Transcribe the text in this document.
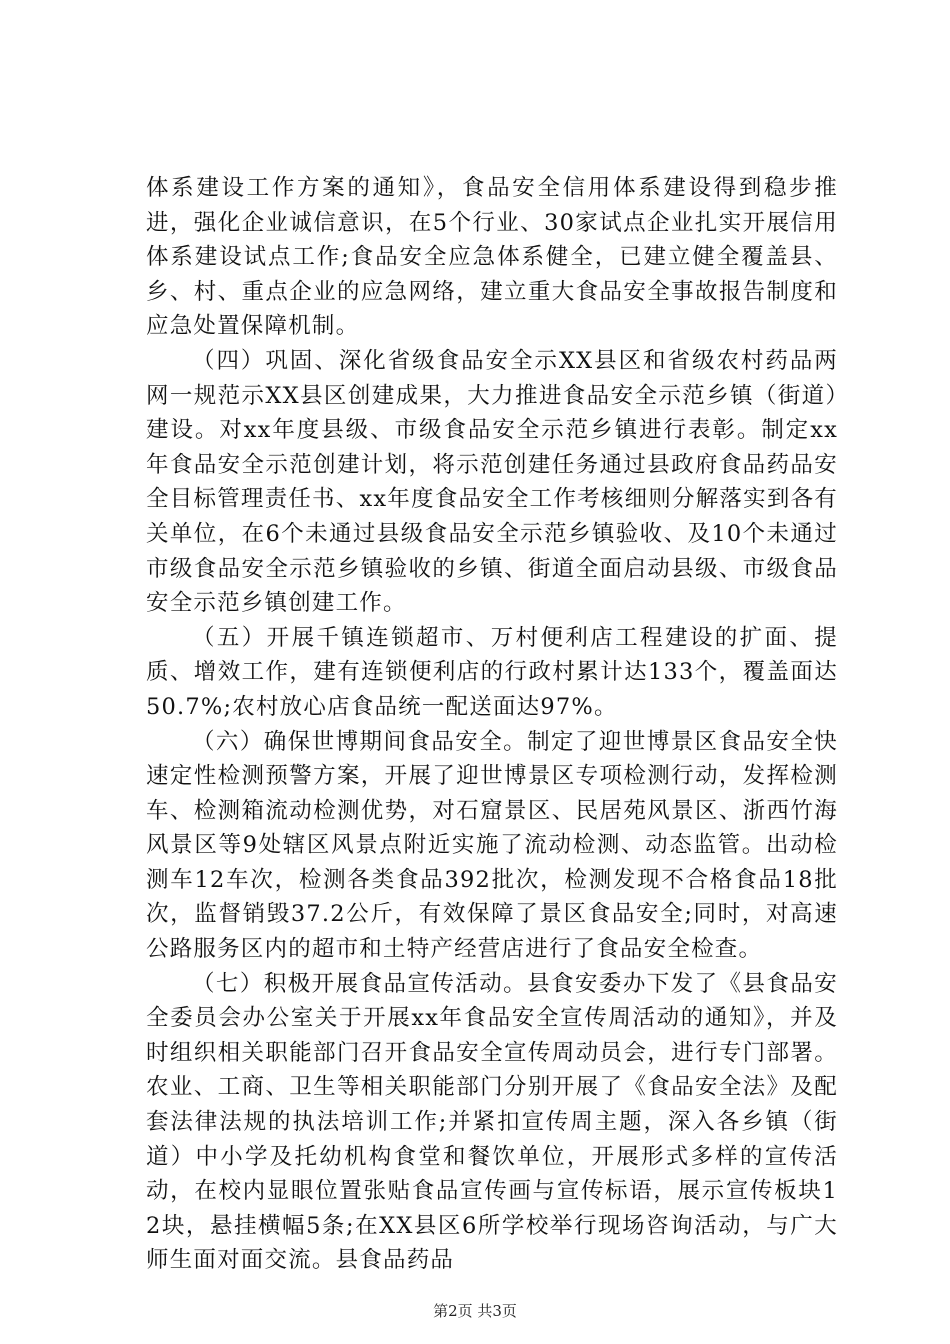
体系建设工作方案的通知》，食品安全信用体系建设得到稳步推进，强化企业诚信意识，在5个行业、30家试点企业扎实开展信用体系建设试点工作;食品安全应急体系健全，已建立健全覆盖县、乡、村、重点企业的应急网络，建立重大食品安全事故报告制度和应急处置保障机制。

（四）巩固、深化省级食品安全示XX县区和省级农村药品两网一规范示XX县区创建成果，大力推进食品安全示范乡镇（街道）建设。对xx年度县级、市级食品安全示范乡镇进行表彰。制定xx年食品安全示范创建计划，将示范创建任务通过县政府食品药品安全目标管理责任书、xx年度食品安全工作考核细则分解落实到各有关单位，在6个未通过县级食品安全示范乡镇验收、及10个未通过市级食品安全示范乡镇验收的乡镇、街道全面启动县级、市级食品安全示范乡镇创建工作。

（五）开展千镇连锁超市、万村便利店工程建设的扩面、提质、增效工作，建有连锁便利店的行政村累计达133个，覆盖面达50.7%;农村放心店食品统一配送面达97%。

（六）确保世博期间食品安全。制定了迎世博景区食品安全快速定性检测预警方案，开展了迎世博景区专项检测行动，发挥检测车、检测箱流动检测优势，对石窟景区、民居苑风景区、浙西竹海风景区等9处辖区风景点附近实施了流动检测、动态监管。出动检测车12车次，检测各类食品392批次，检测发现不合格食品18批次，监督销毁37.2公斤，有效保障了景区食品安全;同时，对高速公路服务区内的超市和土特产经营店进行了食品安全检查。

（七）积极开展食品宣传活动。县食安委办下发了《县食品安全委员会办公室关于开展xx年食品安全宣传周活动的通知》，并及时组织相关职能部门召开食品安全宣传周动员会，进行专门部署。农业、工商、卫生等相关职能部门分别开展了《食品安全法》及配套法律法规的执法培训工作;并紧扣宣传周主题，深入各乡镇（街道）中小学及托幼机构食堂和餐饮单位，开展形式多样的宣传活动，在校内显眼位置张贴食品宣传画与宣传标语，展示宣传板块12块，悬挂横幅5条;在XX县区6所学校举行现场咨询活动，与广大师生面对面交流。县食品药品

第2页 共3页
